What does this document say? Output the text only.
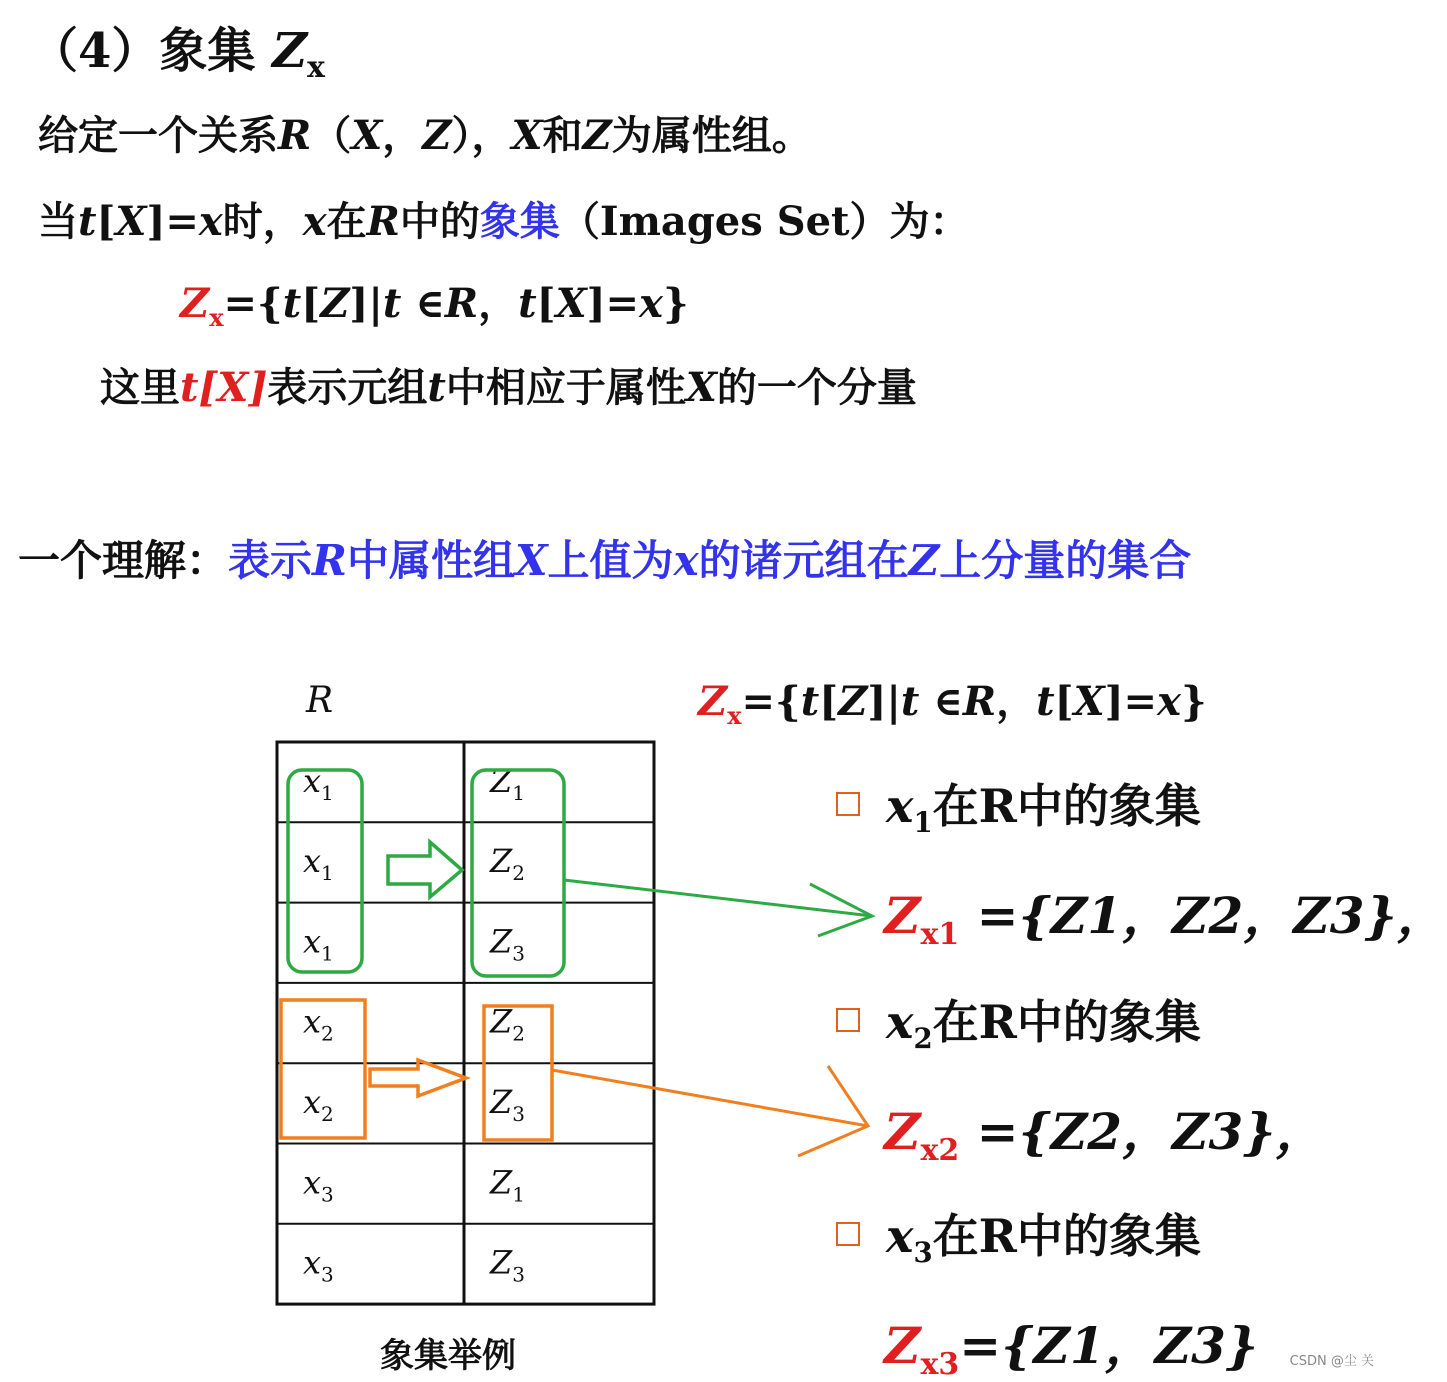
（4）象集 $Z_x$
给定一个关系R（X，Z），X和Z为属性组。
当t[X]=x时，x在R中的象集（Images Set）为：
$Z_x=\{t[Z]|t$ ∈R，t[X]=x}
这里t[X]表示元组t中相应于属性X的一个分量
一个理解：表示R中属性组X上值为x的诸元组在Z上分量的集合
R
x1	Z1
x1	Z2
x1	Z3
x2	Z2
x2	Z3
x3	Z1
x3	Z3
象集举例
$Z_x=\{t[Z]|t$ ∈R，t[X]=x}
$x_1$在R中的象集
$Z_{x1} =\{Z1$，Z2，Z3}，
$x_2$在R中的象集
$Z_{x2} =\{Z2$，Z3}，
$x_3$在R中的象集
$Z_{x3}=\{Z1$，Z3} CSDN @尘 关
